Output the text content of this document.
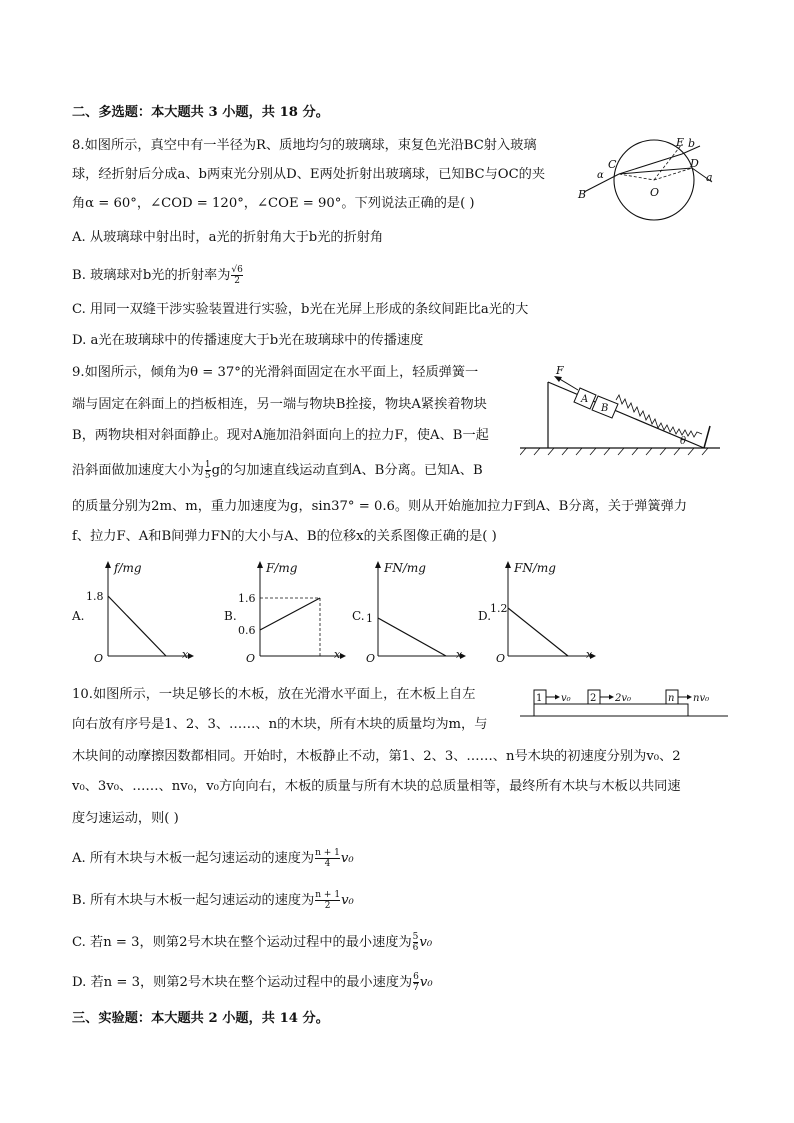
二、多选题：本大题共 3 小题，共 18 分。
8.如图所示，真空中有一半径为R、质地均匀的玻璃球，束复色光沿BC射入玻璃
球，经折射后分成a、b两束光分别从D、E两处折射出玻璃球，已知BC与OC的夹
角α = 60°，∠COD = 120°，∠COE = 90°。下列说法正确的是( )
E b
C	D
α
O
a
B
A. 从玻璃球中射出时，a光的折射角大于b光的折射角
B. 玻璃球对b光的折射率为 $\frac{√6}{2}$
C. 用同一双缝干涉实验装置进行实验，b光在光屏上形成的条纹间距比a光的大
D. a光在玻璃球中的传播速度大于b光在玻璃球中的传播速度
9.如图所示，倾角为θ = 37°的光滑斜面固定在水平面上，轻质弹簧一
端与固定在斜面上的挡板相连，另一端与物块B拴接，物块A紧挨着物块
B，两物块相对斜面静止。现对A施加沿斜面向上的拉力F，使A、B一起
沿斜面做加速度大小为 $\frac{1}{5}$ g的匀加速直线运动直到A、B分离。已知A、B
的质量分别为2m、m，重力加速度为g，sin37° = 0.6。则从开始施加拉力F到A、B分离，关于弹簧弹力
f、拉力F、A和B间弹力FN的大小与A、B的位移x的关系图像正确的是( )
F
A
B
θ
A.
f/mg
1.8
O	x
B.
F/mg
1.6
0.6
O	x
C.
FN/mg
1
O	x
D.
FN/mg
1.2
O	x
10.如图所示，一块足够长的木板，放在光滑水平面上，在木板上自左
向右放有序号是1、2、3、……、n的木块，所有木块的质量均为m，与
木块间的动摩擦因数都相同。开始时，木板静止不动，第1、2、3、……、n号木块的初速度分别为v₀、2
v₀、3v₀、……、nv₀，v₀方向向右，木板的质量与所有木块的总质量相等，最终所有木块与木板以共同速
度匀速运动，则( )
1	2	n
v₀	2v₀	nv₀
A. 所有木块与木板一起匀速运动的速度为 $\frac{n + 1}{4} v_0$
B. 所有木块与木板一起匀速运动的速度为 $\frac{n + 1}{2} v_0$
C. 若n = 3，则第2号木块在整个运动过程中的最小速度为 $\frac{5}{6} v_0$
D. 若n = 3，则第2号木块在整个运动过程中的最小速度为 $\frac{6}{7} v_0$
三、实验题：本大题共 2 小题，共 14 分。
